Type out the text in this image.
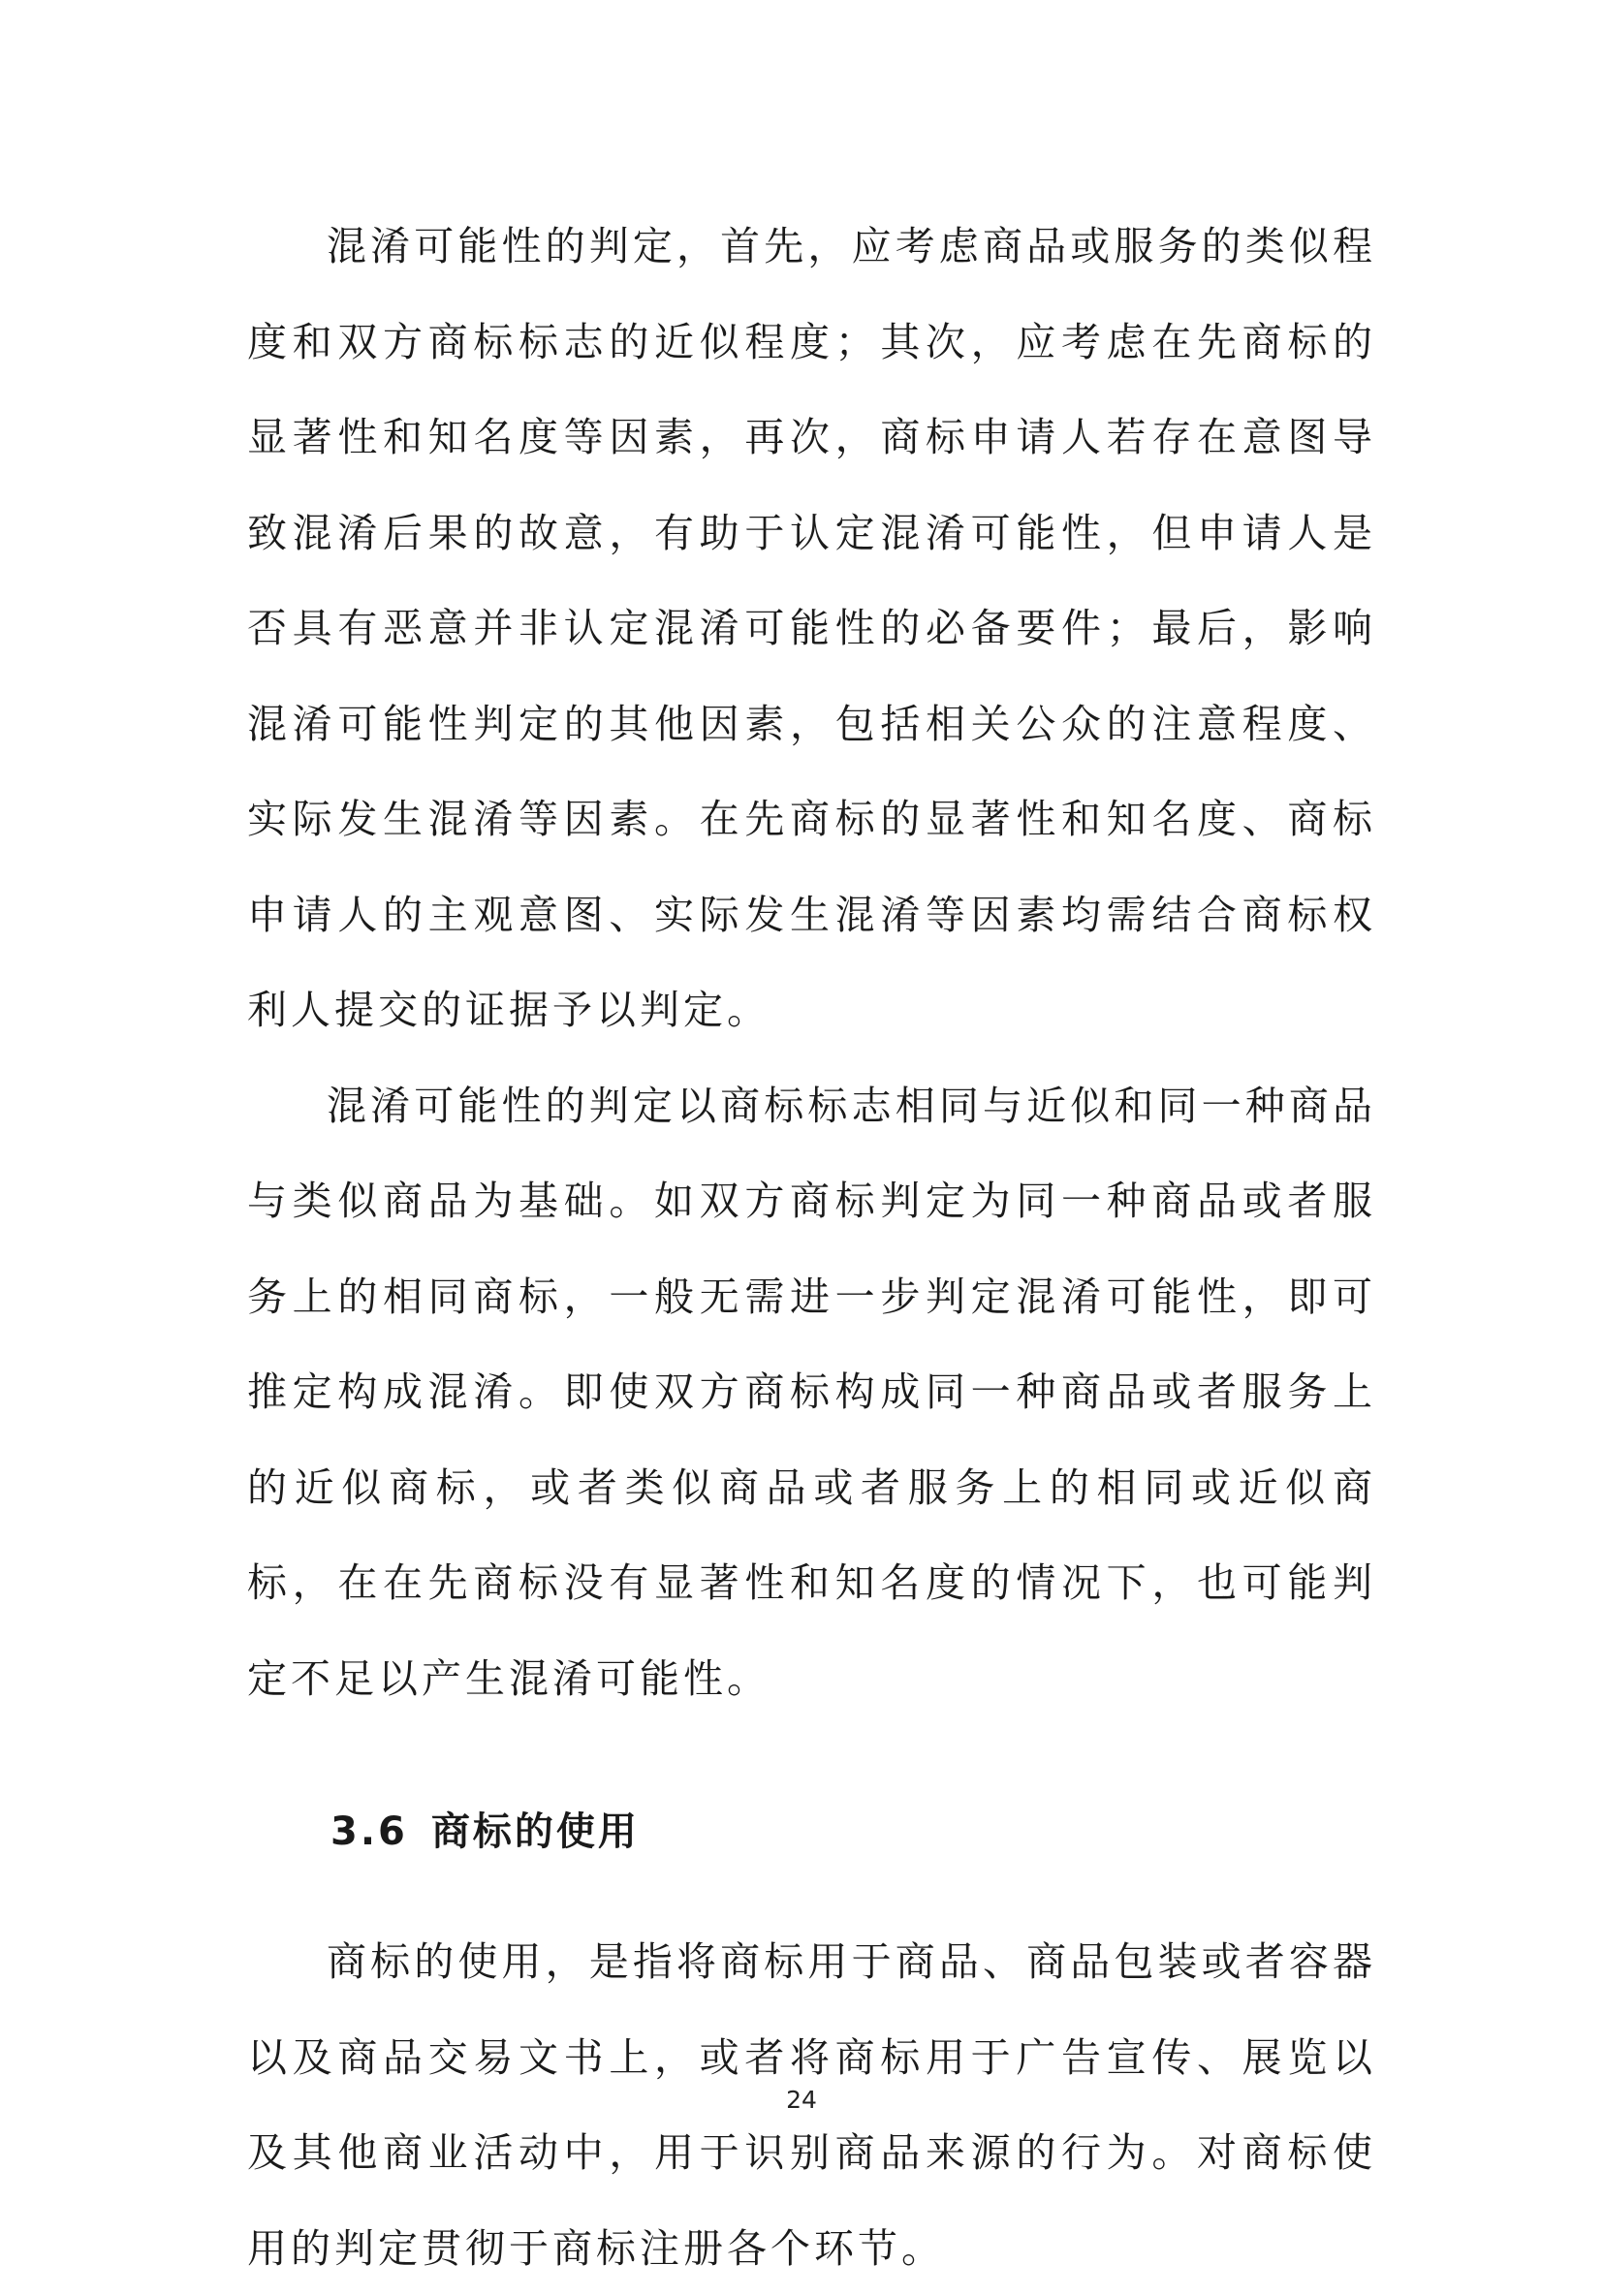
混淆可能性的判定，首先，应考虑商品或服务的类似程度和双方商标标志的近似程度；其次，应考虑在先商标的显著性和知名度等因素，再次，商标申请人若存在意图导致混淆后果的故意，有助于认定混淆可能性，但申请人是否具有恶意并非认定混淆可能性的必备要件；最后，影响混淆可能性判定的其他因素，包括相关公众的注意程度、实际发生混淆等因素。在先商标的显著性和知名度、商标申请人的主观意图、实际发生混淆等因素均需结合商标权利人提交的证据予以判定。

混淆可能性的判定以商标标志相同与近似和同一种商品与类似商品为基础。如双方商标判定为同一种商品或者服务上的相同商标，一般无需进一步判定混淆可能性，即可推定构成混淆。即使双方商标构成同一种商品或者服务上的近似商标，或者类似商品或者服务上的相同或近似商标，在在先商标没有显著性和知名度的情况下，也可能判定不足以产生混淆可能性。

3.6 商标的使用

商标的使用，是指将商标用于商品、商品包装或者容器以及商品交易文书上，或者将商标用于广告宣传、展览以及其他商业活动中，用于识别商品来源的行为。对商标使用的判定贯彻于商标注册各个环节。

24
